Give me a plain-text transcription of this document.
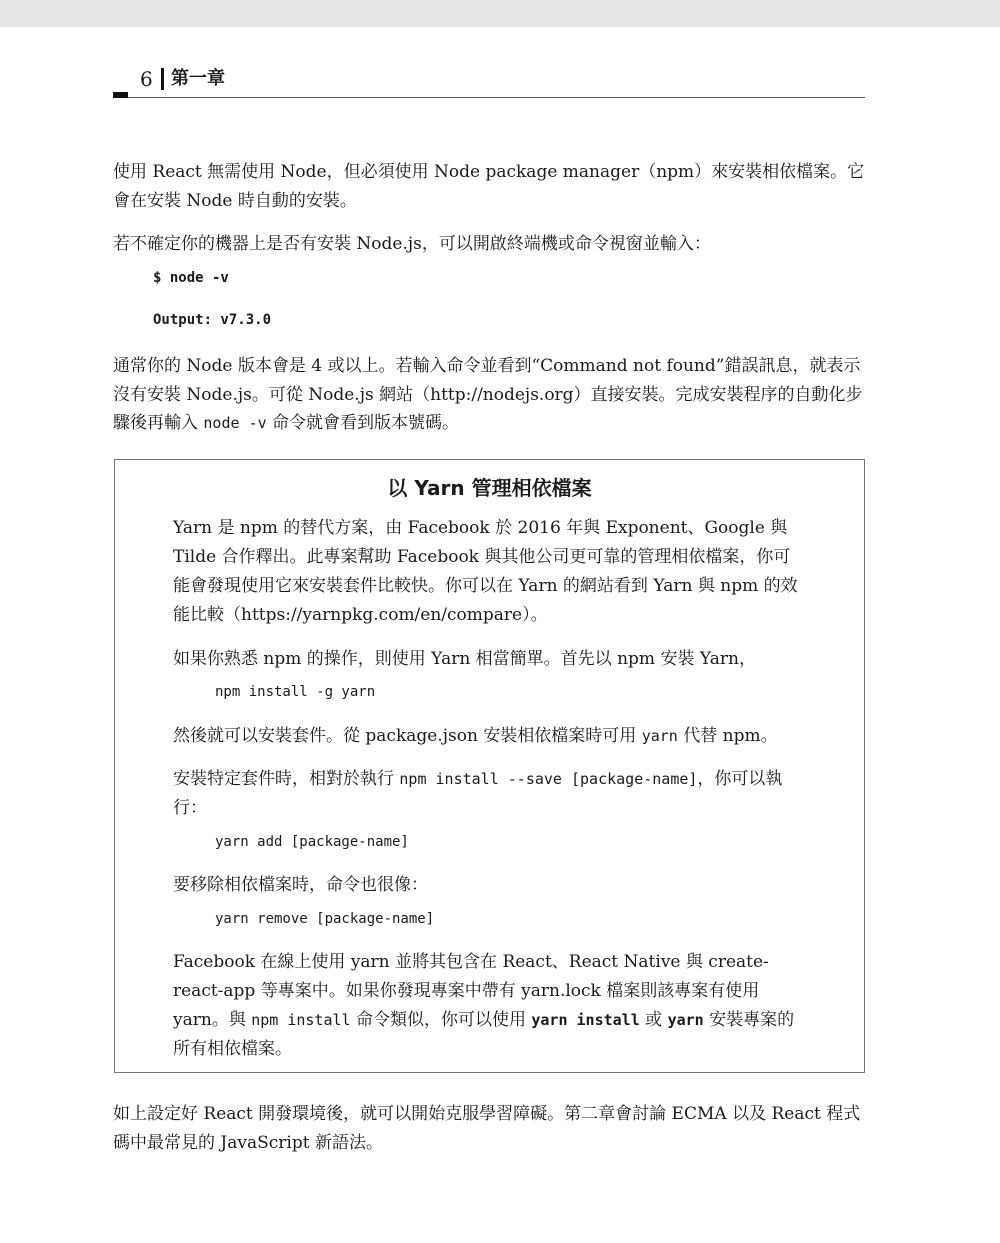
6 第一章

使用 React 無需使用 Node，但必須使用 Node package manager（npm）來安裝相依檔案。它會在安裝 Node 時自動的安裝。

若不確定你的機器上是否有安裝 Node.js，可以開啟終端機或命令視窗並輸入：

$ node -v
Output: v7.3.0

通常你的 Node 版本會是 4 或以上。若輸入命令並看到“Command not found”錯誤訊息，就表示沒有安裝 Node.js。可從 Node.js 網站（http://nodejs.org）直接安裝。完成安裝程序的自動化步驟後再輸入 node -v 命令就會看到版本號碼。

以 Yarn 管理相依檔案

Yarn 是 npm 的替代方案，由 Facebook 於 2016 年與 Exponent、Google 與 Tilde 合作釋出。此專案幫助 Facebook 與其他公司更可靠的管理相依檔案，你可能會發現使用它來安裝套件比較快。你可以在 Yarn 的網站看到 Yarn 與 npm 的效能比較（https://yarnpkg.com/en/compare）。

如果你熟悉 npm 的操作，則使用 Yarn 相當簡單。首先以 npm 安裝 Yarn，

npm install -g yarn

然後就可以安裝套件。從 package.json 安裝相依檔案時可用 yarn 代替 npm。

安裝特定套件時，相對於執行 npm install --save [package-name]，你可以執行：

yarn add [package-name]

要移除相依檔案時，命令也很像：

yarn remove [package-name]

Facebook 在線上使用 yarn 並將其包含在 React、React Native 與 create-react-app 等專案中。如果你發現專案中帶有 yarn.lock 檔案則該專案有使用 yarn。與 npm install 命令類似，你可以使用 yarn install 或 yarn 安裝專案的所有相依檔案。

如上設定好 React 開發環境後，就可以開始克服學習障礙。第二章會討論 ECMA 以及 React 程式碼中最常見的 JavaScript 新語法。
